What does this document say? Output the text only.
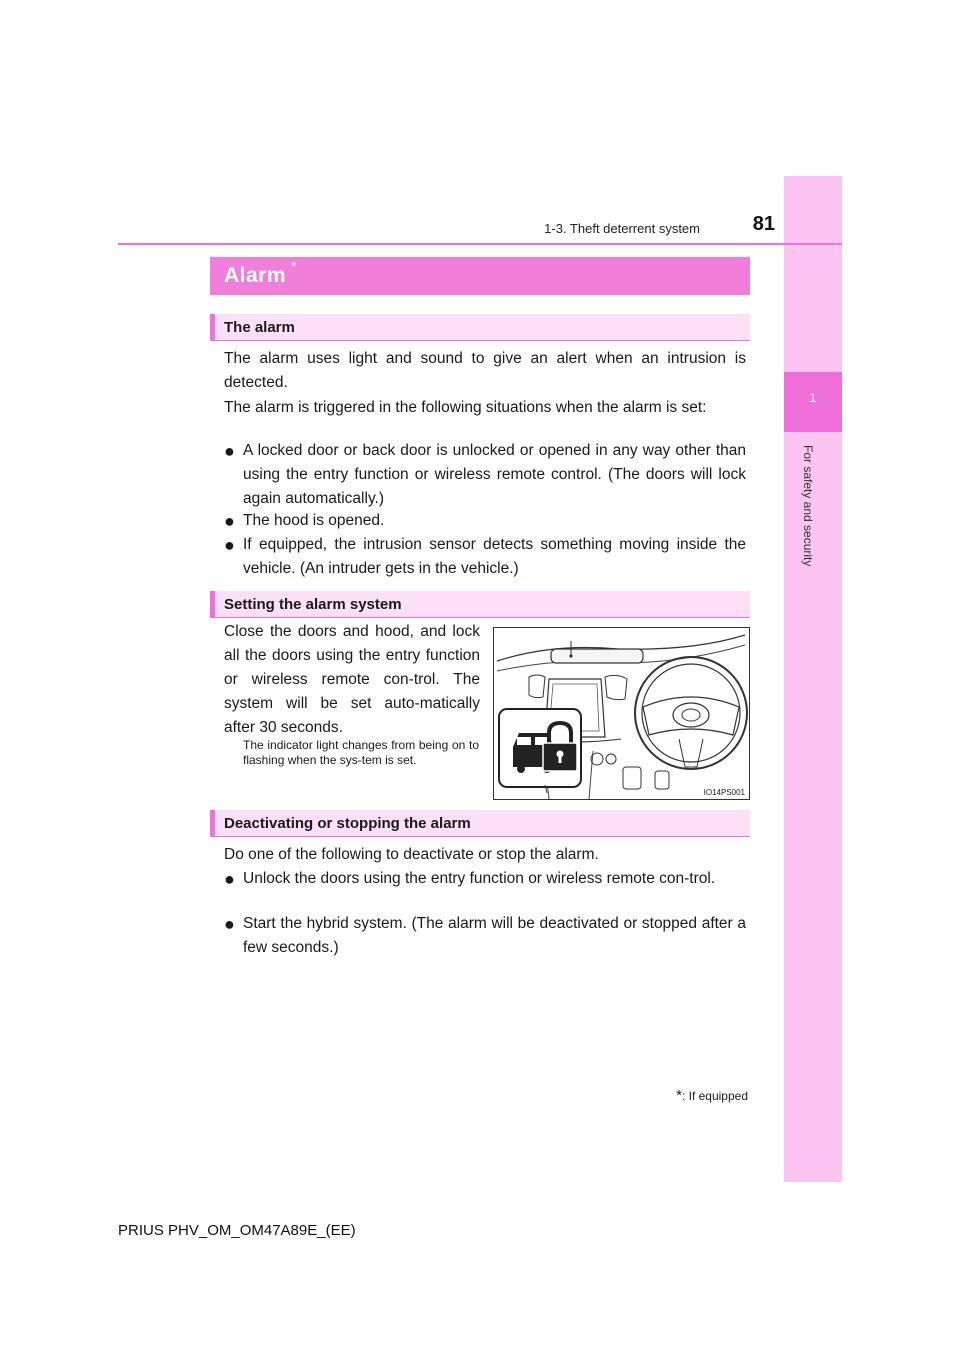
1
For safety and security
1-3. Theft deterrent system	81
Alarm *
The alarm

The alarm uses light and sound to give an alert when an intrusion is detected.

The alarm is triggered in the following situations when the alarm is set:

● A locked door or back door is unlocked or opened in any way other than using the entry function or wireless remote control. (The doors will lock again automatically.)
● The hood is opened.
● If equipped, the intrusion sensor detects something moving inside the vehicle. (An intruder gets in the vehicle.)
Setting the alarm system

Close the doors and hood, and lock all the doors using the entry function or wireless remote con-trol. The system will be set auto-matically after 30 seconds.

The indicator light changes from being on to flashing when the sys-tem is set.

IO14PS001
Deactivating or stopping the alarm

Do one of the following to deactivate or stop the alarm.

● Unlock the doors using the entry function or wireless remote con-trol.
● Start the hybrid system. (The alarm will be deactivated or stopped after a few seconds.)
*: If equipped
PRIUS PHV_OM_OM47A89E_(EE)
